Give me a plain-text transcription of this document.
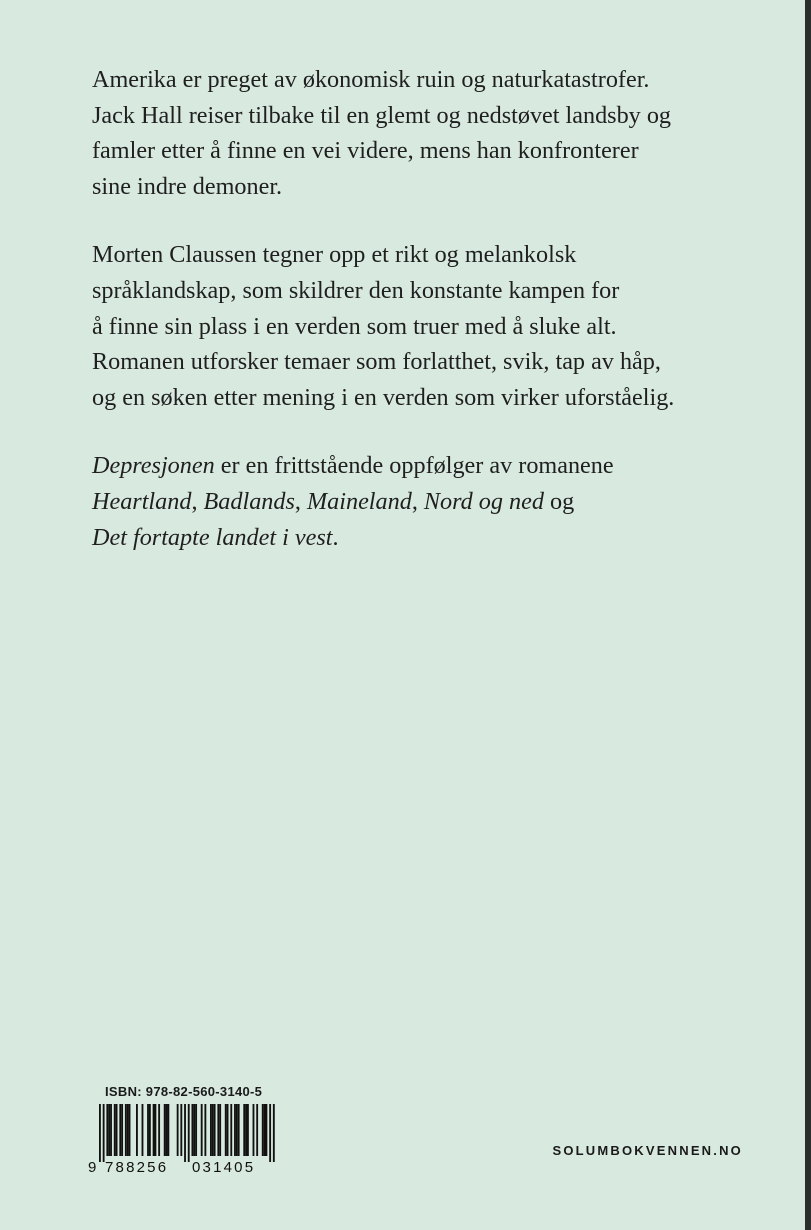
Amerika er preget av økonomisk ruin og naturkatastrofer.
Jack Hall reiser tilbake til en glemt og nedstøvet landsby og
famler etter å finne en vei videre, mens han konfronterer
sine indre demoner.

Morten Claussen tegner opp et rikt og melankolsk
språklandskap, som skildrer den konstante kampen for
å finne sin plass i en verden som truer med å sluke alt.
Romanen utforsker temaer som forlatthet, svik, tap av håp,
og en søken etter mening i en verden som virker uforståelig.

Depresjonen er en frittstående oppfølger av romanene
Heartland, Badlands, Maineland, Nord og ned og
Det fortapte landet i vest.

ISBN: 978-82-560-3140-5
9 788256 031405
SOLUMBOKVENNEN.NO
